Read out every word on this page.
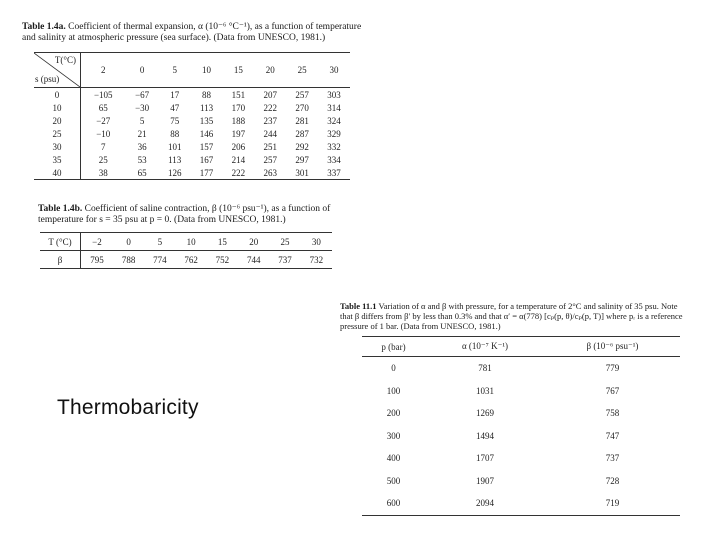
Table 1.4a. Coefficient of thermal expansion, α (10⁻⁶ °C⁻¹), as a function of temperature and salinity at atmospheric pressure (sea surface). (Data from UNESCO, 1981.)
T(°C)
s (psu)	2	0	5	10	15	20	25	30
0	−105	−67	17	88	151	207	257	303
10	65	−30	47	113	170	222	270	314
20	−27	5	75	135	188	237	281	324
25	−10	21	88	146	197	244	287	329
30	7	36	101	157	206	251	292	332
35	25	53	113	167	214	257	297	334
40	38	65	126	177	222	263	301	337
Table 1.4b. Coefficient of saline contraction, β (10⁻⁶ psu⁻¹), as a function of temperature for s = 35 psu at p = 0. (Data from UNESCO, 1981.)
T (°C)	−2	0	5	10	15	20	25	30
β	795	788	774	762	752	744	737	732
Thermobaricity
Table 11.1 Variation of α and β with pressure, for a temperature of 2°C and salinity of 35 psu. Note that β differs from β′ by less than 0.3% and that α′ = α(778) [cₚ(p, θ)/cₚ(p, T)] where pᵣ is a reference pressure of 1 bar. (Data from UNESCO, 1981.)
p (bar)	α (10⁻⁷ K⁻¹)	β (10⁻⁶ psu⁻¹)
0	781	779
100	1031	767
200	1269	758
300	1494	747
400	1707	737
500	1907	728
600	2094	719
